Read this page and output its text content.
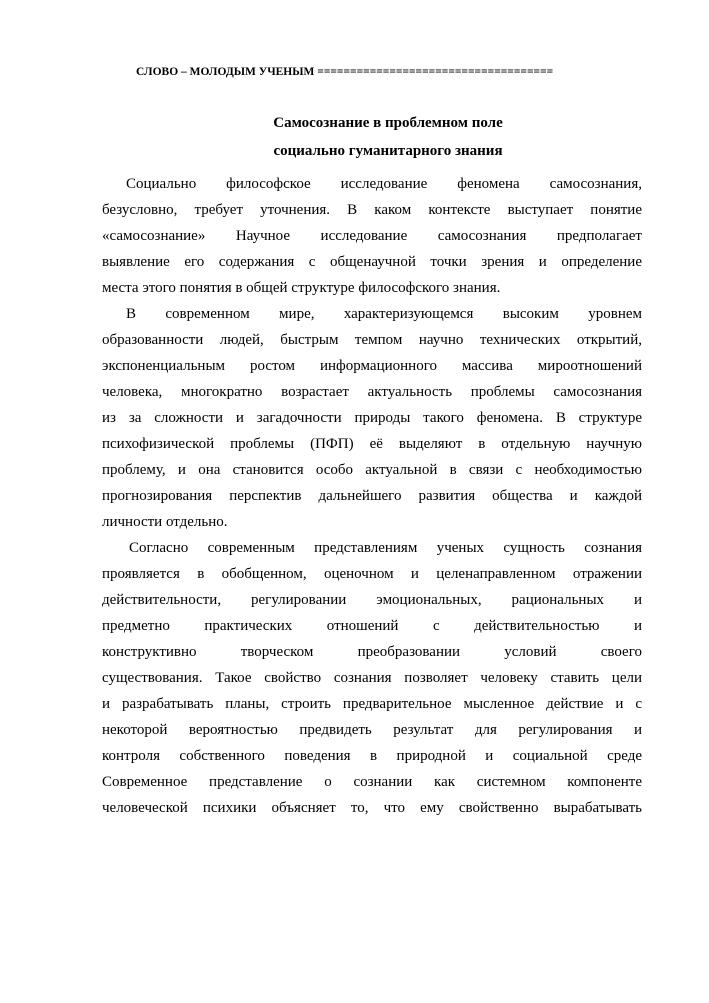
СЛОВО – МОЛОДЫМ УЧЕНЫМ ====================================
Самосознание в проблемном поле
социально гуманитарного знания
Социально философское исследование феномена самосознания,
безусловно, требует уточнения. В каком контексте выступает понятие
«самосознание» Научное исследование самосознания предполагает
выявление его содержания с общенаучной точки зрения и определение
места этого понятия в общей структуре философского знания.
В современном мире, характеризующемся высоким уровнем
образованности людей, быстрым темпом научно технических открытий,
экспоненциальным ростом информационного массива мироотношений
человека, многократно возрастает актуальность проблемы самосознания
из за сложности и загадочности природы такого феномена. В структуре
психофизической проблемы (ПФП) её выделяют в отдельную научную
проблему, и она становится особо актуальной в связи с необходимостью
прогнозирования перспектив дальнейшего развития общества и каждой
личности отдельно.
Согласно современным представлениям ученых сущность сознания
проявляется в обобщенном, оценочном и целенаправленном отражении
действительности, регулировании эмоциональных, рациональных и
предметно практических отношений с действительностью и
конструктивно творческом преобразовании условий своего
существования. Такое свойство сознания позволяет человеку ставить цели
и разрабатывать планы, строить предварительное мысленное действие и с
некоторой вероятностью предвидеть результат для регулирования и
контроля собственного поведения в природной и социальной среде
Современное представление о сознании как системном компоненте
человеческой психики объясняет то, что ему свойственно вырабатывать
